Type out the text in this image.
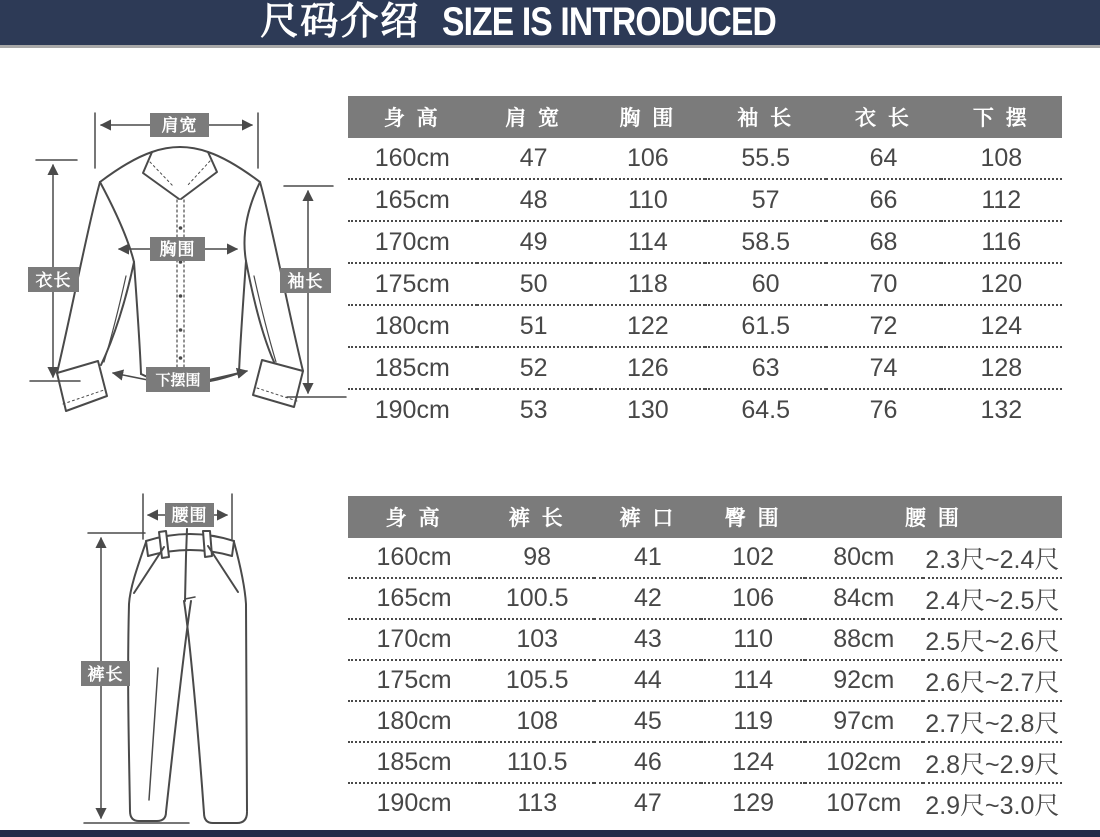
肩宽
衣长
胸围
袖长
下摆围
腰围
裤长
尺码介绍 SIZE IS INTRODUCED
身 高	肩 宽	胸 围	袖 长	衣 长	下 摆
160cm	47	106	55.5	64	108
165cm	48	110	57	66	112
170cm	49	114	58.5	68	116
175cm	50	118	60	70	120
180cm	51	122	61.5	72	124
185cm	52	126	63	74	128
190cm	53	130	64.5	76	132
身 高	裤 长	裤 口	臀 围	腰 围	
160cm	98	41	102	80cm	2.3尺~2.4尺
165cm	100.5	42	106	84cm	2.4尺~2.5尺
170cm	103	43	110	88cm	2.5尺~2.6尺
175cm	105.5	44	114	92cm	2.6尺~2.7尺
180cm	108	45	119	97cm	2.7尺~2.8尺
185cm	110.5	46	124	102cm	2.8尺~2.9尺
190cm	113	47	129	107cm	2.9尺~3.0尺
